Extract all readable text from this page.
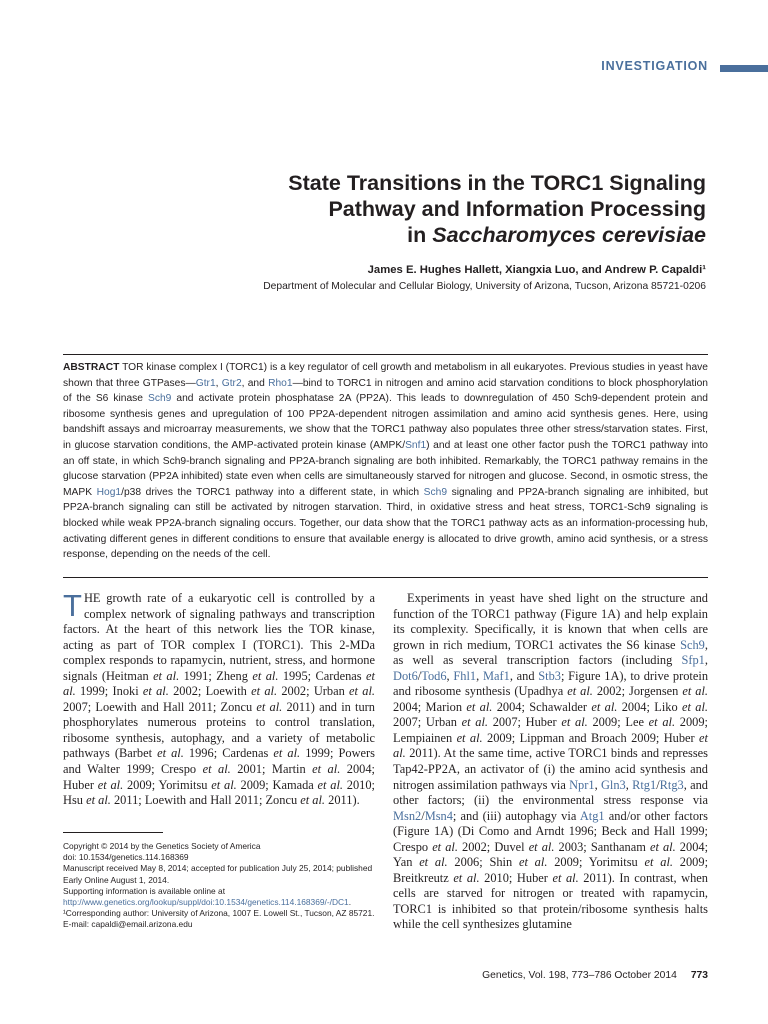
INVESTIGATION
State Transitions in the TORC1 Signaling
Pathway and Information Processing
in Saccharomyces cerevisiae
James E. Hughes Hallett, Xiangxia Luo, and Andrew P. Capaldi¹
Department of Molecular and Cellular Biology, University of Arizona, Tucson, Arizona 85721-0206

ABSTRACT TOR kinase complex I (TORC1) is a key regulator of cell growth and metabolism in all eukaryotes. Previous studies in yeast have shown that three GTPases—Gtr1, Gtr2, and Rho1—bind to TORC1 in nitrogen and amino acid starvation conditions to block phosphorylation of the S6 kinase Sch9 and activate protein phosphatase 2A (PP2A). This leads to downregulation of 450 Sch9-dependent protein and ribosome synthesis genes and upregulation of 100 PP2A-dependent nitrogen assimilation and amino acid synthesis genes. Here, using bandshift assays and microarray measurements, we show that the TORC1 pathway also populates three other stress/starvation states. First, in glucose starvation conditions, the AMP-activated protein kinase (AMPK/Snf1) and at least one other factor push the TORC1 pathway into an off state, in which Sch9-branch signaling and PP2A-branch signaling are both inhibited. Remarkably, the TORC1 pathway remains in the glucose starvation (PP2A inhibited) state even when cells are simultaneously starved for nitrogen and glucose. Second, in osmotic stress, the MAPK Hog1/p38 drives the TORC1 pathway into a different state, in which Sch9 signaling and PP2A-branch signaling are inhibited, but PP2A-branch signaling can still be activated by nitrogen starvation. Third, in oxidative stress and heat stress, TORC1-Sch9 signaling is blocked while weak PP2A-branch signaling occurs. Together, our data show that the TORC1 pathway acts as an information-processing hub, activating different genes in different conditions to ensure that available energy is allocated to drive growth, amino acid synthesis, or a stress response, depending on the needs of the cell.

THE growth rate of a eukaryotic cell is controlled by a complex network of signaling pathways and transcription factors. At the heart of this network lies the TOR kinase, acting as part of TOR complex I (TORC1). This 2-MDa complex responds to rapamycin, nutrient, stress, and hormone signals (Heitman et al. 1991; Zheng et al. 1995; Cardenas et al. 1999; Inoki et al. 2002; Loewith et al. 2002; Urban et al. 2007; Loewith and Hall 2011; Zoncu et al. 2011) and in turn phosphorylates numerous proteins to control translation, ribosome synthesis, autophagy, and a variety of metabolic pathways (Barbet et al. 1996; Cardenas et al. 1999; Powers and Walter 1999; Crespo et al. 2001; Martin et al. 2004; Huber et al. 2009; Yorimitsu et al. 2009; Kamada et al. 2010; Hsu et al. 2011; Loewith and Hall 2011; Zoncu et al. 2011).

Experiments in yeast have shed light on the structure and function of the TORC1 pathway (Figure 1A) and help explain its complexity. Specifically, it is known that when cells are grown in rich medium, TORC1 activates the S6 kinase Sch9, as well as several transcription factors (including Sfp1, Dot6/Tod6, Fhl1, Maf1, and Stb3; Figure 1A), to drive protein and ribosome synthesis (Upadhya et al. 2002; Jorgensen et al. 2004; Marion et al. 2004; Schawalder et al. 2004; Liko et al. 2007; Urban et al. 2007; Huber et al. 2009; Lee et al. 2009; Lempiainen et al. 2009; Lippman and Broach 2009; Huber et al. 2011). At the same time, active TORC1 binds and represses Tap42-PP2A, an activator of (i) the amino acid synthesis and nitrogen assimilation pathways via Npr1, Gln3, Rtg1/Rtg3, and other factors; (ii) the environmental stress response via Msn2/Msn4; and (iii) autophagy via Atg1 and/or other factors (Figure 1A) (Di Como and Arndt 1996; Beck and Hall 1999; Crespo et al. 2002; Duvel et al. 2003; Santhanam et al. 2004; Yan et al. 2006; Shin et al. 2009; Yorimitsu et al. 2009; Breitkreutz et al. 2010; Huber et al. 2011). In contrast, when cells are starved for nitrogen or treated with rapamycin, TORC1 is inhibited so that protein/ribosome synthesis halts while the cell synthesizes glutamine

Copyright © 2014 by the Genetics Society of America
doi: 10.1534/genetics.114.168369
Manuscript received May 8, 2014; accepted for publication July 25, 2014; published Early Online August 1, 2014.
Supporting information is available online at http://www.genetics.org/lookup/suppl/doi:10.1534/genetics.114.168369/-/DC1.
¹Corresponding author: University of Arizona, 1007 E. Lowell St., Tucson, AZ 85721. E-mail: capaldi@email.arizona.edu
Genetics, Vol. 198, 773–786 October 2014 773
